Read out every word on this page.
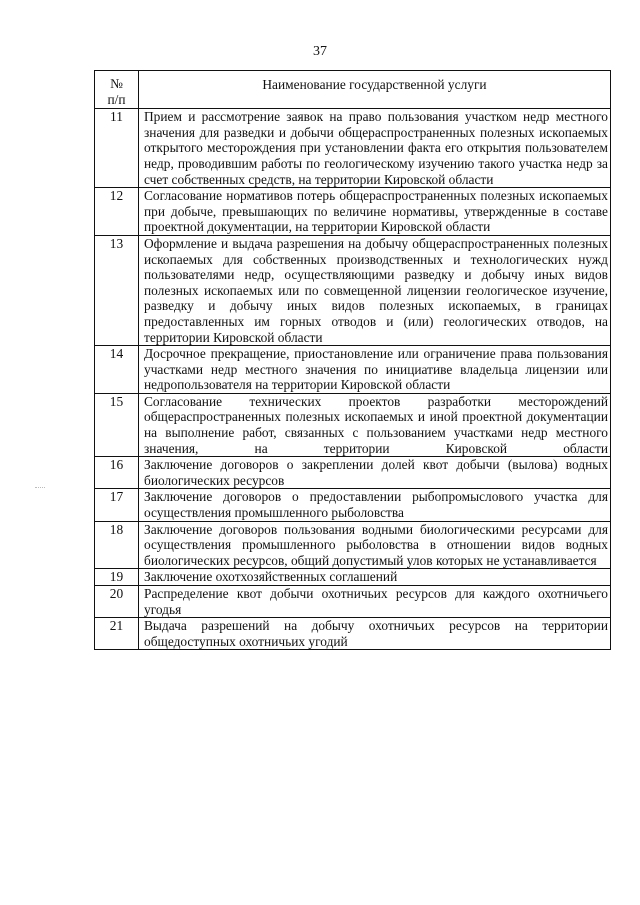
37
№
п/п	Наименование государственной услуги

11	Прием и рассмотрение заявок на право пользования участком недр местного значения для разведки и добычи общераспространенных полезных ископаемых открытого месторождения при установлении факта его открытия пользователем недр, проводившим работы по геологическому изучению такого участка недр за счет собственных средств, на территории Кировской области
12	Согласование нормативов потерь общераспространенных полезных ископаемых при добыче, превышающих по величине нормативы, утвержденные в составе проектной документации, на территории Кировской области
13	Оформление и выдача разрешения на добычу общераспространенных полезных ископаемых для собственных производственных и технологических нужд пользователями недр, осуществляющими разведку и добычу иных видов полезных ископаемых или по совмещенной лицензии геологическое изучение, разведку и добычу иных видов полезных ископаемых, в границах предоставленных им горных отводов и (или) геологических отводов, на территории Кировской области
14	Досрочное прекращение, приостановление или ограничение права пользования участками недр местного значения по инициативе владельца лицензии или недропользователя на территории Кировской области
15	Согласование технических проектов разработки месторождений общераспространенных полезных ископаемых и иной проектной документации на выполнение работ, связанных с пользованием участками недр местного значения, на территории Кировской области
16	Заключение договоров о закреплении долей квот добычи (вылова) водных биологических ресурсов
17	Заключение договоров о предоставлении рыбопромыслового участка для осуществления промышленного рыболовства
18	Заключение договоров пользования водными биологическими ресурсами для осуществления промышленного рыболовства в отношении видов водных биологических ресурсов, общий допустимый улов которых не устанавливается
19	Заключение охотхозяйственных соглашений
20	Распределение квот добычи охотничьих ресурсов для каждого охотничьего угодья
21	Выдача разрешений на добычу охотничьих ресурсов на территории общедоступных охотничьих угодий
